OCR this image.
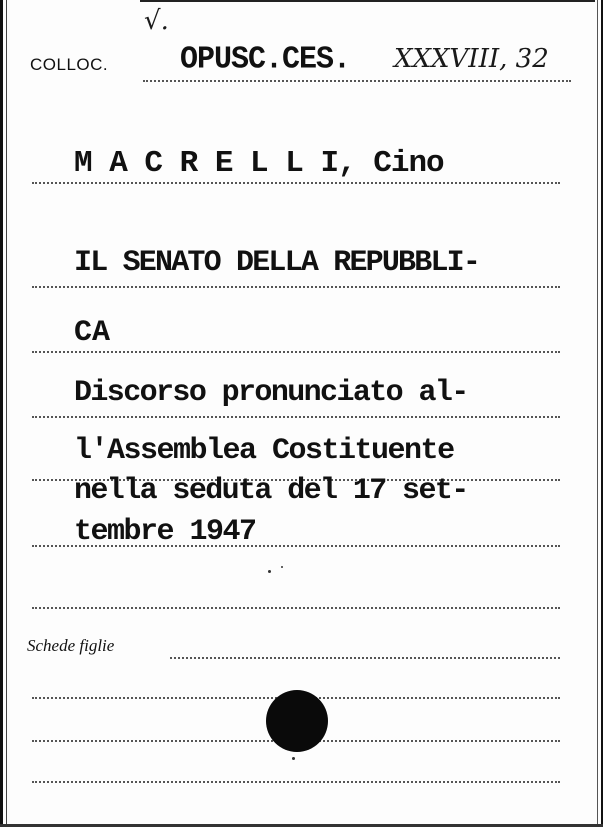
√.
COLLOC. OPUSC.CES. XXXVIII, 32
M A C R E L L I, Cino
IL SENATO DELLA REPUBBLI-
CA
Discorso pronunciato al-
l'Assemblea Costituente
nella seduta del 17 set-
tembre 1947
Schede figlie
